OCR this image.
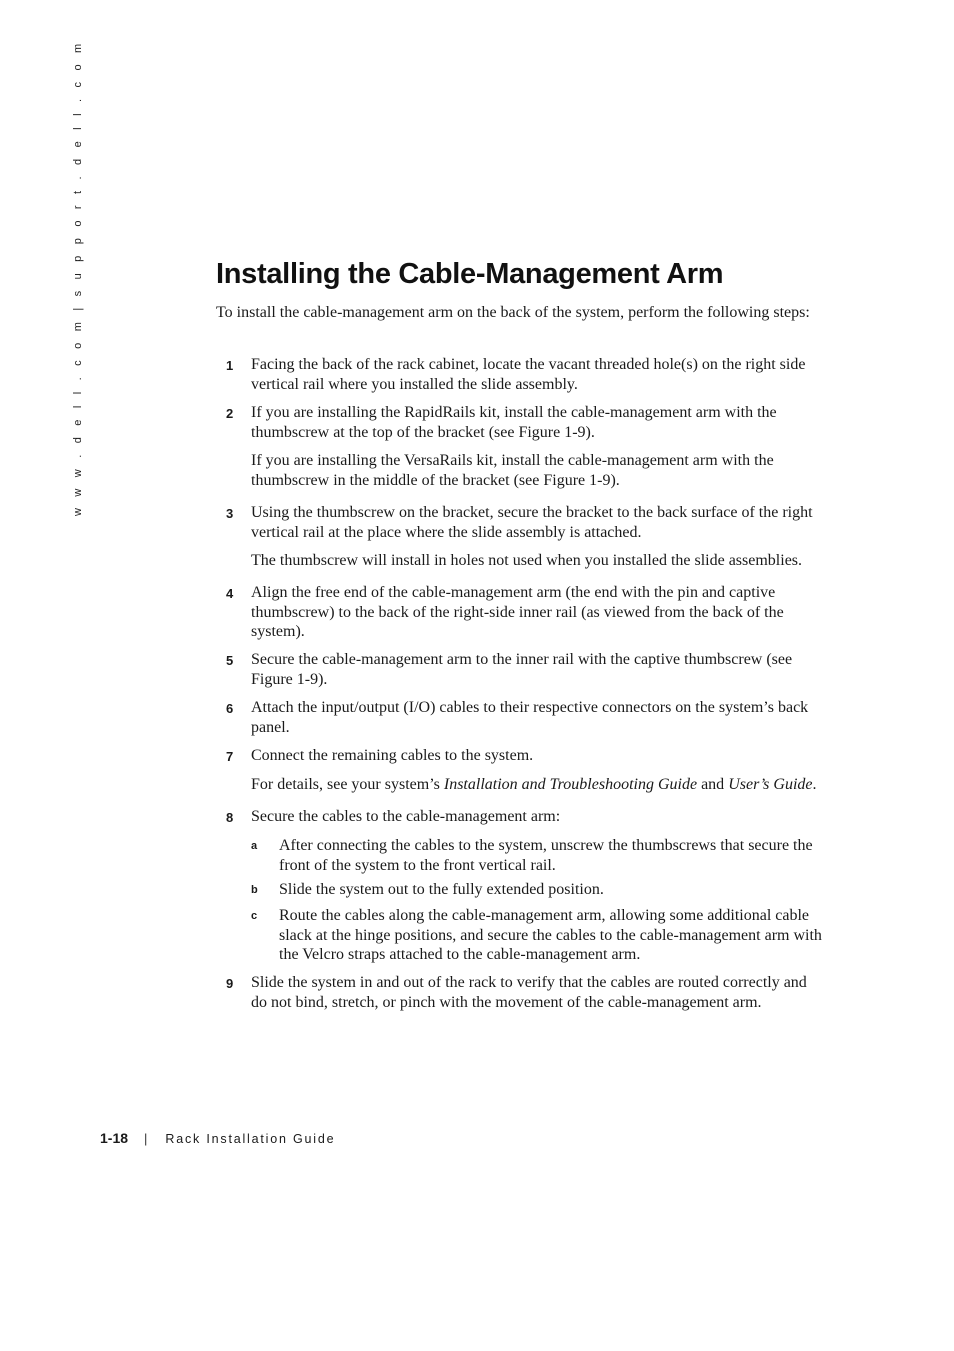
w w w . d e l l . c o m | s u p p o r t . d e l l . c o m	Installing the Cable-Management Arm

To install the cable-management arm on the back of the system, perform the following steps:

1	Facing the back of the rack cabinet, locate the vacant threaded hole(s) on the right side vertical rail where you installed the slide assembly.
2	If you are installing the RapidRails kit, install the cable-management arm with the thumbscrew at the top of the bracket (see Figure 1-9).
If you are installing the VersaRails kit, install the cable-management arm with the thumbscrew in the middle of the bracket (see Figure 1-9).
3	Using the thumbscrew on the bracket, secure the bracket to the back surface of the right vertical rail at the place where the slide assembly is attached.
The thumbscrew will install in holes not used when you installed the slide assemblies.
4	Align the free end of the cable-management arm (the end with the pin and captive thumbscrew) to the back of the right-side inner rail (as viewed from the back of the system).
5	Secure the cable-management arm to the inner rail with the captive thumbscrew (see Figure 1-9).
6	Attach the input/output (I/O) cables to their respective connectors on the system’s back panel.
7	Connect the remaining cables to the system.
For details, see your system’s Installation and Troubleshooting Guide and User’s Guide.
8	Secure the cables to the cable-management arm:
a After connecting the cables to the system, unscrew the thumbscrews that secure the front of the system to the front vertical rail.
b Slide the system out to the fully extended position.
c Route the cables along the cable-management arm, allowing some additional cable slack at the hinge positions, and secure the cables to the cable-management arm with the Velcro straps attached to the cable-management arm.
9	Slide the system in and out of the rack to verify that the cables are routed correctly and do not bind, stretch, or pinch with the movement of the cable-management arm.
1-18 | Rack Installation Guide
